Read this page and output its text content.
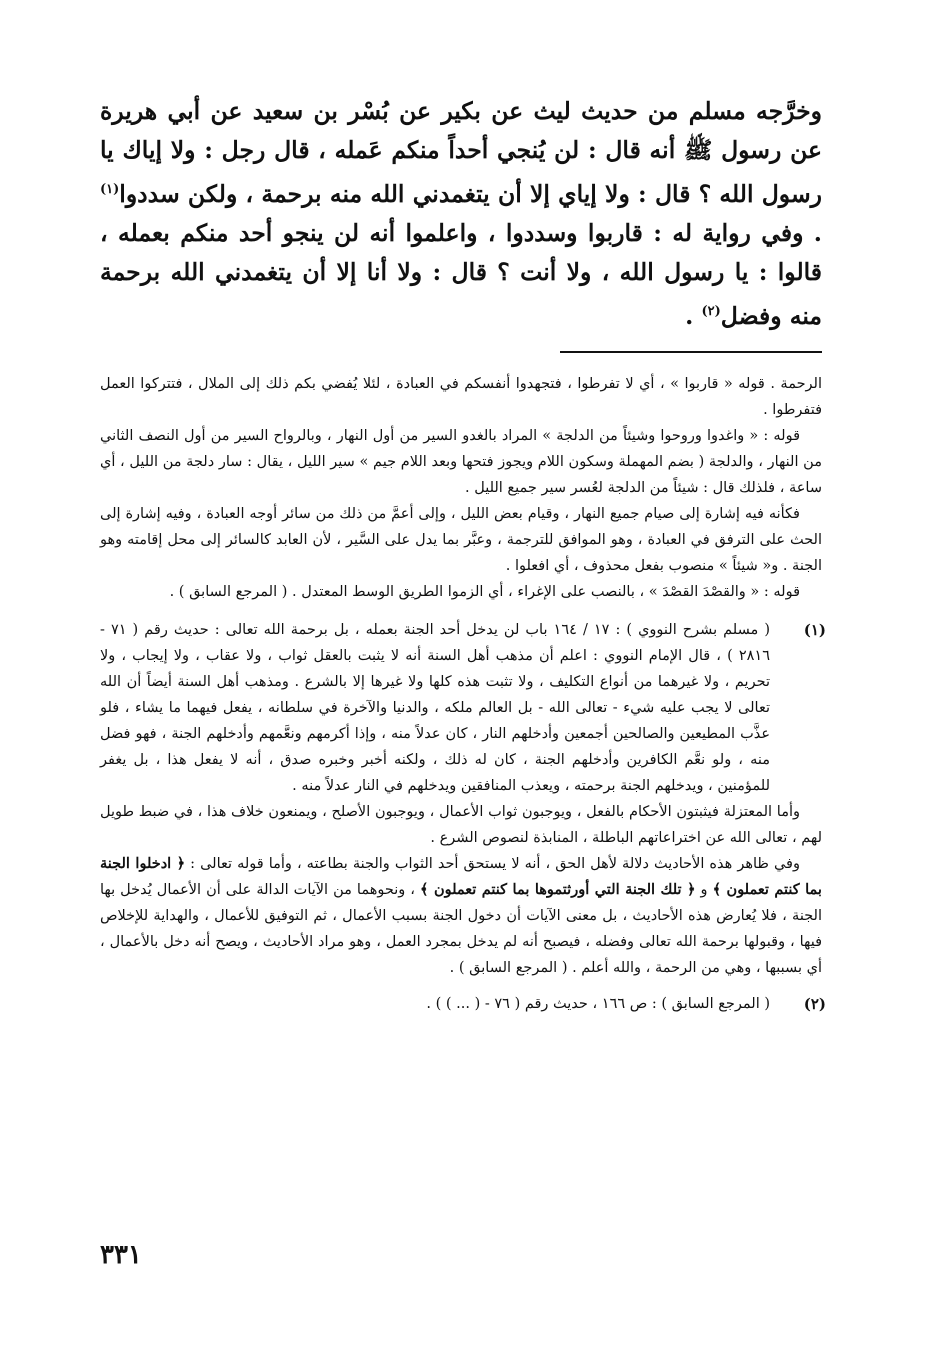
وخرَّجه مسلم من حديث ليث عن بكير عن بُسْر بن سعيد عن أبي هريرة عن رسول ﷺ أنه قال : لن يُنجي أحداً منكم عَمله ، قال رجل : ولا إياك يا رسول الله ؟ قال : ولا إياي إلا أن يتغمدني الله منه برحمة ، ولكن سددوا$^{(١)}$ . وفي رواية له : قاربوا وسددوا ، واعلموا أنه لن ينجو أحد منكم بعمله ، قالوا : يا رسول الله ، ولا أنت ؟ قال : ولا أنا إلا أن يتغمدني الله برحمة منه وفضل$^{(٢)}$ .

الرحمة . قوله « قاربوا » ، أي لا تفرطوا ، فتجهدوا أنفسكم في العبادة ، لئلا يُفضي بكم ذلك إلى الملال ، فتتركوا العمل فتفرطوا .

قوله : « واغدوا وروحوا وشيئاً من الدلجة » المراد بالغدو السير من أول النهار ، وبالرواح السير من أول النصف الثاني من النهار ، والدلجة ( بضم المهملة وسكون اللام ويجوز فتحها وبعد اللام جيم » سير الليل ، يقال : سار دلجة من الليل ، أي ساعة ، فلذلك قال : شيئاً من الدلجة لعُسر سير جميع الليل .

فكأنه فيه إشارة إلى صيام جميع النهار ، وقيام بعض الليل ، وإلى أعمَّ من ذلك من سائر أوجه العبادة ، وفيه إشارة إلى الحث على الترفق في العبادة ، وهو الموافق للترجمة ، وعبَّر بما يدل على السَّير ، لأن العابد كالسائر إلى محل إقامته وهو الجنة . و« شيئاً » منصوب بفعل محذوف ، أي افعلوا .

قوله : « والقصْدَ القصْدَ » ، بالنصب على الإغراء ، أي الزموا الطريق الوسط المعتدل . ( المرجع السابق ) .

(١)

( مسلم بشرح النووي ) : ١٧ / ١٦٤ باب لن يدخل أحد الجنة بعمله ، بل برحمة الله تعالى : حديث رقم ( ٧١ - ٢٨١٦ ) ، قال الإمام النووي : اعلم أن مذهب أهل السنة أنه لا يثبت بالعقل ثواب ، ولا عقاب ، ولا إيجاب ، ولا تحريم ، ولا غيرهما من أنواع التكليف ، ولا تثبت هذه كلها ولا غيرها إلا بالشرع . ومذهب أهل السنة أيضاً أن الله تعالى لا يجب عليه شيء - تعالى الله - بل العالم ملكه ، والدنيا والآخرة في سلطانه ، يفعل فيهما ما يشاء ، فلو عذَّب المطيعين والصالحين أجمعين وأدخلهم النار ، كان عدلاً منه ، وإذا أكرمهم ونعَّمهم وأدخلهم الجنة ، فهو فضل منه ، ولو نعَّم الكافرين وأدخلهم الجنة ، كان له ذلك ، ولكنه أخبر وخبره صدق ، أنه لا يفعل هذا ، بل يغفر للمؤمنين ، ويدخلهم الجنة برحمته ، ويعذب المنافقين ويدخلهم في النار عدلاً منه .

وأما المعتزلة فيثبتون الأحكام بالفعل ، ويوجبون ثواب الأعمال ، ويوجبون الأصلح ، ويمنعون خلاف هذا ، في ضبط طويل لهم ، تعالى الله عن اختراعاتهم الباطلة ، المنابذة لنصوص الشرع .

وفي ظاهر هذه الأحاديث دلالة لأهل الحق ، أنه لا يستحق أحد الثواب والجنة بطاعته ، وأما قوله تعالى : ﴿ ادخلوا الجنة بما كنتم تعملون ﴾ و ﴿ تلك الجنة التي أورثتموها بما كنتم تعملون ﴾ ، ونحوهما من الآيات الدالة على أن الأعمال يُدخل بها الجنة ، فلا يُعارض هذه الأحاديث ، بل معنى الآيات أن دخول الجنة بسبب الأعمال ، ثم التوفيق للأعمال ، والهداية للإخلاص فيها ، وقبولها برحمة الله تعالى وفضله ، فيصبح أنه لم يدخل بمجرد العمل ، وهو مراد الأحاديث ، ويصح أنه دخل بالأعمال ، أي بسببها ، وهي من الرحمة ، والله أعلم . ( المرجع السابق ) .

(٢)

( المرجع السابق ) : ص ١٦٦ ، حديث رقم ( ٧٦ - ( ... ) ) .

٣٣١
